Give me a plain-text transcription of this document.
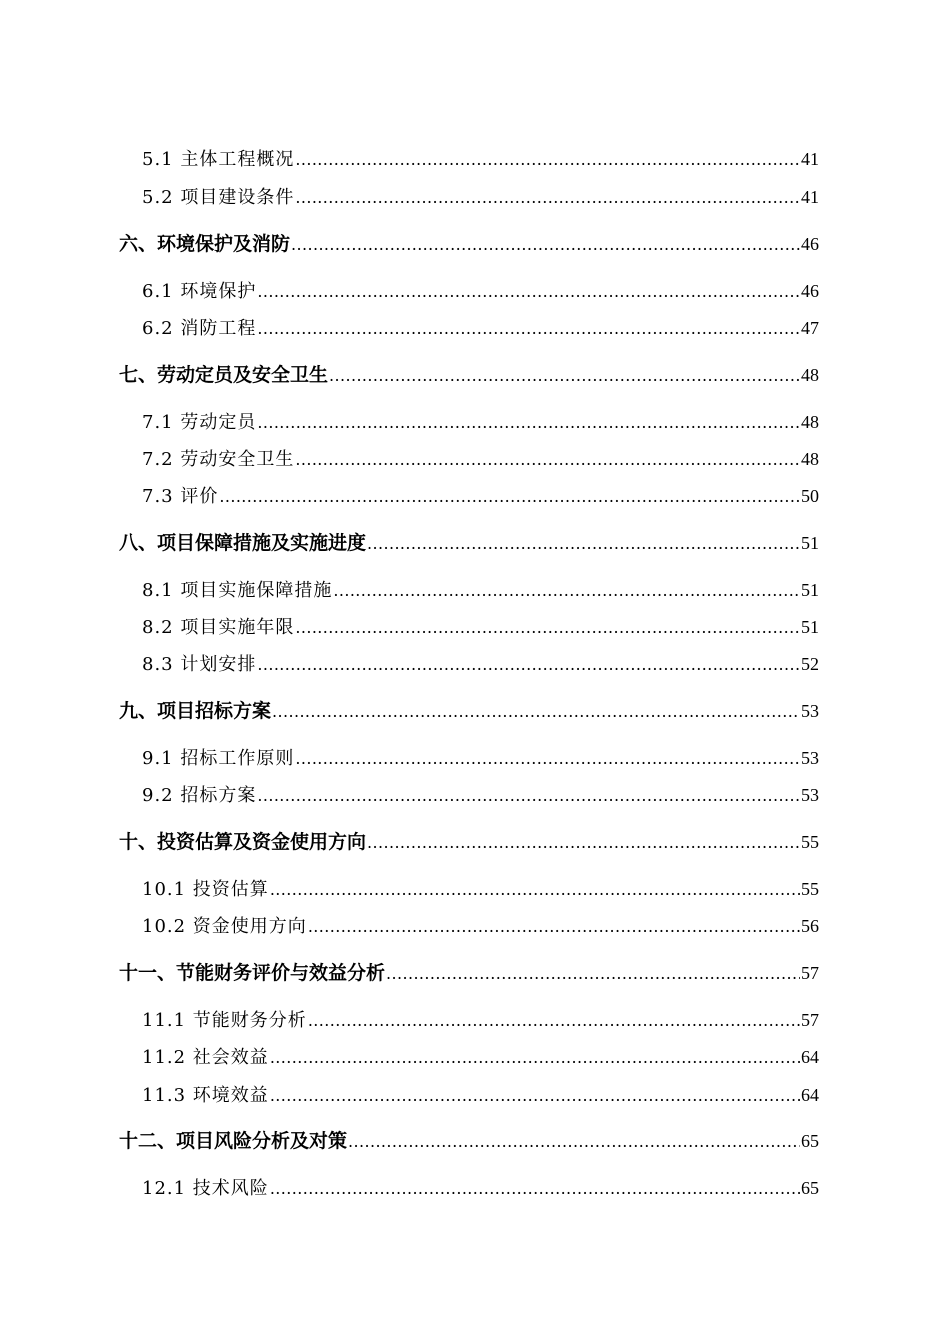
5.1 主体工程概况 .....	41
5.2 项目建设条件 .....	41
六、环境保护及消防 .....	46
6.1 环境保护 .....	46
6.2 消防工程 .....	47
七、劳动定员及安全卫生 .....	48
7.1 劳动定员 .....	48
7.2 劳动安全卫生 .....	48
7.3 评价 .....	50
八、项目保障措施及实施进度 .....	51
8.1 项目实施保障措施 .....	51
8.2 项目实施年限 .....	51
8.3 计划安排 .....	52
九、项目招标方案 .....	53
9.1 招标工作原则 .....	53
9.2 招标方案 .....	53
十、投资估算及资金使用方向 .....	55
10.1 投资估算 .....	55
10.2 资金使用方向 .....	56
十一、节能财务评价与效益分析 .....	57
11.1 节能财务分析 .....	57
11.2 社会效益 .....	64
11.3 环境效益 .....	64
十二、项目风险分析及对策 .....	65
12.1 技术风险 .....	65
